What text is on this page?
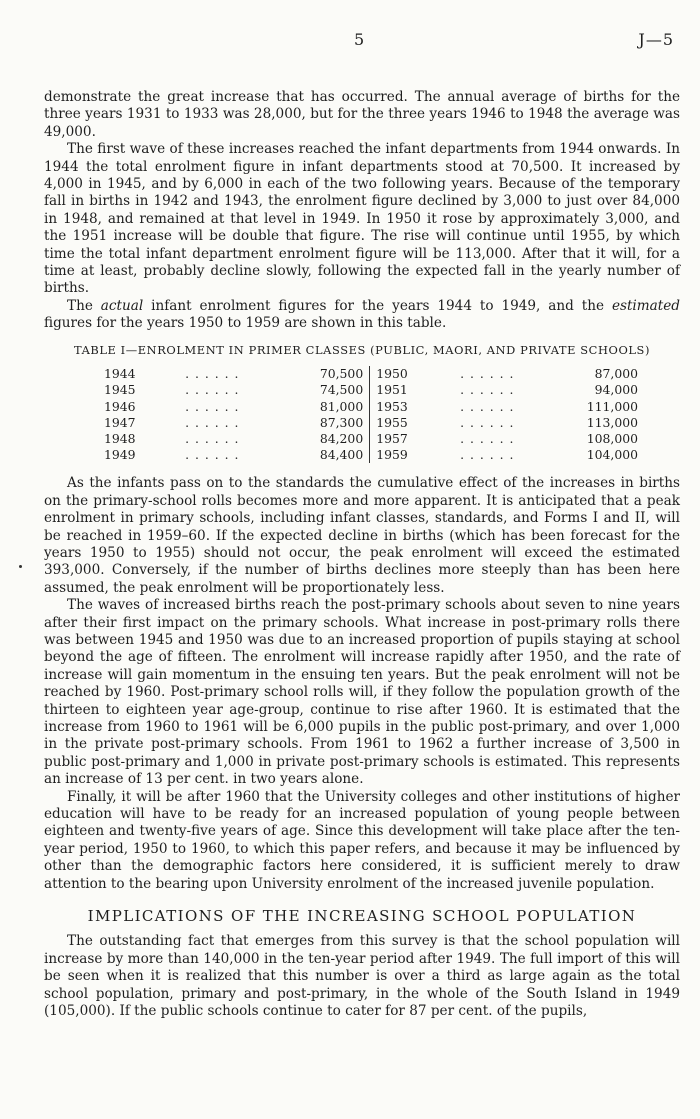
5	J—5

demonstrate the great increase that has occurred. The annual average of births for the three years 1931 to 1933 was 28,000, but for the three years 1946 to 1948 the average was 49,000.

The first wave of these increases reached the infant departments from 1944 onwards. In 1944 the total enrolment figure in infant departments stood at 70,500. It increased by 4,000 in 1945, and by 6,000 in each of the two following years. Because of the temporary fall in births in 1942 and 1943, the enrolment figure declined by 3,000 to just over 84,000 in 1948, and remained at that level in 1949. In 1950 it rose by approximately 3,000, and the 1951 increase will be double that figure. The rise will continue until 1955, by which time the total infant department enrolment figure will be 113,000. After that it will, for a time at least, probably decline slowly, following the expected fall in the yearly number of births.

The actual infant enrolment figures for the years 1944 to 1949, and the estimated figures for the years 1950 to 1959 are shown in this table.

TABLE I—ENROLMENT IN PRIMER CLASSES (PUBLIC, MAORI, AND PRIVATE SCHOOLS)
1944	. . . . . .	70,500	1950	. . . . . .	87,000
1945	. . . . . .	74,500	1951	. . . . . .	94,000
1946	. . . . . .	81,000	1953	. . . . . .	111,000
1947	. . . . . .	87,300	1955	. . . . . .	113,000
1948	. . . . . .	84,200	1957	. . . . . .	108,000
1949	. . . . . .	84,400	1959	. . . . . .	104,000

As the infants pass on to the standards the cumulative effect of the increases in births on the primary-school rolls becomes more and more apparent. It is anticipated that a peak enrolment in primary schools, including infant classes, standards, and Forms I and II, will be reached in 1959–60. If the expected decline in births (which has been forecast for the years 1950 to 1955) should not occur, the peak enrolment will exceed the estimated 393,000. Conversely, if the number of births declines more steeply than has been here assumed, the peak enrolment will be proportionately less.

The waves of increased births reach the post-primary schools about seven to nine years after their first impact on the primary schools. What increase in post-primary rolls there was between 1945 and 1950 was due to an increased proportion of pupils staying at school beyond the age of fifteen. The enrolment will increase rapidly after 1950, and the rate of increase will gain momentum in the ensuing ten years. But the peak enrolment will not be reached by 1960. Post-primary school rolls will, if they follow the population growth of the thirteen to eighteen year age-group, continue to rise after 1960. It is estimated that the increase from 1960 to 1961 will be 6,000 pupils in the public post-primary, and over 1,000 in the private post-primary schools. From 1961 to 1962 a further increase of 3,500 in public post-primary and 1,000 in private post-primary schools is estimated. This represents an increase of 13 per cent. in two years alone.

Finally, it will be after 1960 that the University colleges and other institutions of higher education will have to be ready for an increased population of young people between eighteen and twenty-five years of age. Since this development will take place after the ten-year period, 1950 to 1960, to which this paper refers, and because it may be influenced by other than the demographic factors here considered, it is sufficient merely to draw attention to the bearing upon University enrolment of the increased juvenile population.

IMPLICATIONS OF THE INCREASING SCHOOL POPULATION

The outstanding fact that emerges from this survey is that the school population will increase by more than 140,000 in the ten-year period after 1949. The full import of this will be seen when it is realized that this number is over a third as large again as the total school population, primary and post-primary, in the whole of the South Island in 1949 (105,000). If the public schools continue to cater for 87 per cent. of the pupils,
